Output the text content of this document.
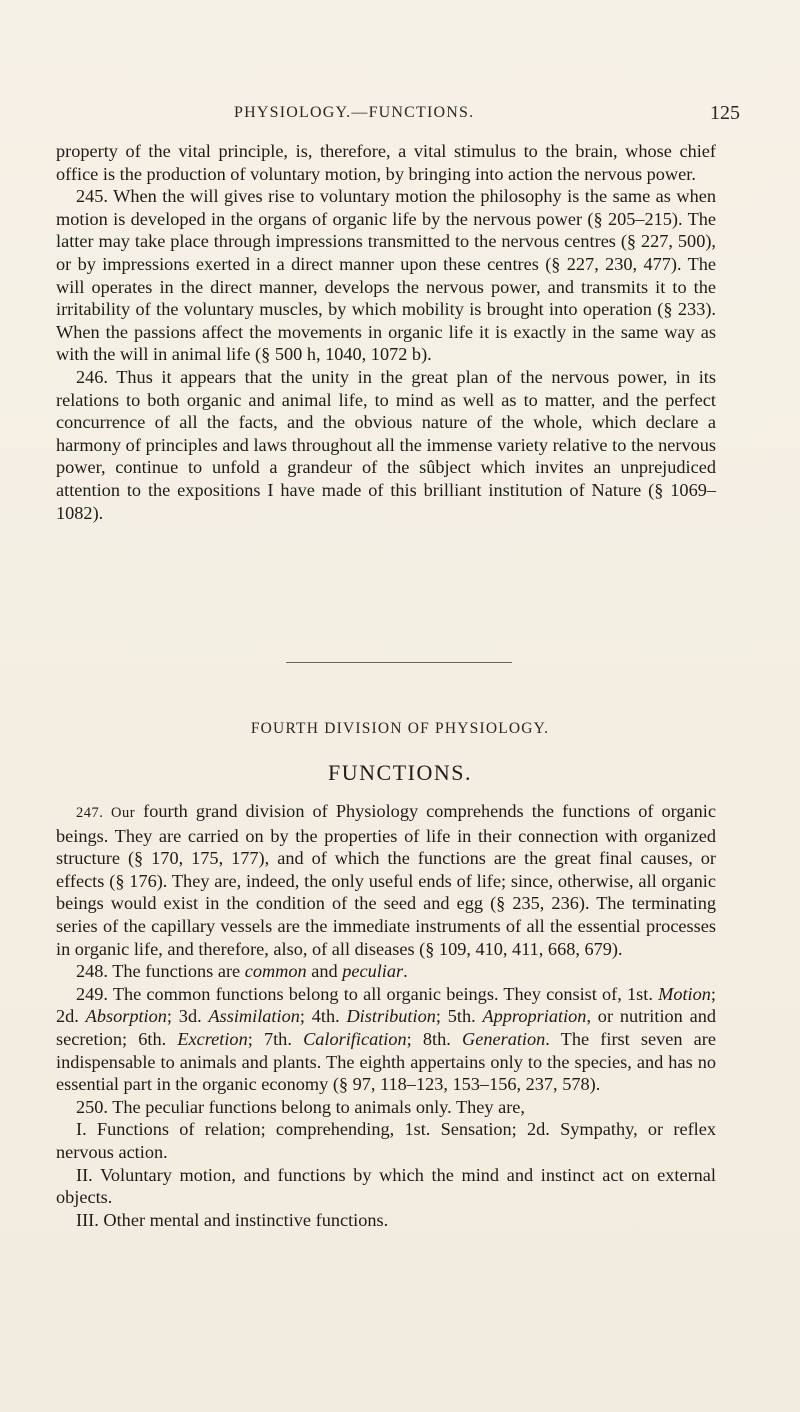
PHYSIOLOGY.—FUNCTIONS.	125

property of the vital principle, is, therefore, a vital stimulus to the brain, whose chief office is the production of voluntary motion, by bringing into action the nervous power.

245. When the will gives rise to voluntary motion the philosophy is the same as when motion is developed in the organs of organic life by the nervous power (§ 205–215). The latter may take place through impressions transmitted to the nervous centres (§ 227, 500), or by impressions exerted in a direct manner upon these centres (§ 227, 230, 477). The will operates in the direct manner, develops the nervous power, and transmits it to the irritability of the voluntary muscles, by which mobility is brought into operation (§ 233). When the passions affect the movements in organic life it is exactly in the same way as with the will in animal life (§ 500 h, 1040, 1072 b).

246. Thus it appears that the unity in the great plan of the nervous power, in its relations to both organic and animal life, to mind as well as to matter, and the perfect concurrence of all the facts, and the obvious nature of the whole, which declare a harmony of principles and laws throughout all the immense variety relative to the nervous power, continue to unfold a grandeur of the sûbject which invites an unprejudiced attention to the expositions I have made of this brilliant institution of Nature (§ 1069–1082).

FOURTH DIVISION OF PHYSIOLOGY.
FUNCTIONS.

247. Our fourth grand division of Physiology comprehends the functions of organic beings. They are carried on by the properties of life in their connection with organized structure (§ 170, 175, 177), and of which the functions are the great final causes, or effects (§ 176). They are, indeed, the only useful ends of life; since, otherwise, all organic beings would exist in the condition of the seed and egg (§ 235, 236). The terminating series of the capillary vessels are the immediate instruments of all the essential processes in organic life, and therefore, also, of all diseases (§ 109, 410, 411, 668, 679).

248. The functions are common and peculiar.

249. The common functions belong to all organic beings. They consist of, 1st. Motion; 2d. Absorption; 3d. Assimilation; 4th. Distribution; 5th. Appropriation, or nutrition and secretion; 6th. Excretion; 7th. Calorification; 8th. Generation. The first seven are indispensable to animals and plants. The eighth appertains only to the species, and has no essential part in the organic economy (§ 97, 118–123, 153–156, 237, 578).

250. The peculiar functions belong to animals only. They are,

I. Functions of relation; comprehending, 1st. Sensation; 2d. Sympathy, or reflex nervous action.

II. Voluntary motion, and functions by which the mind and instinct act on external objects.

III. Other mental and instinctive functions.
